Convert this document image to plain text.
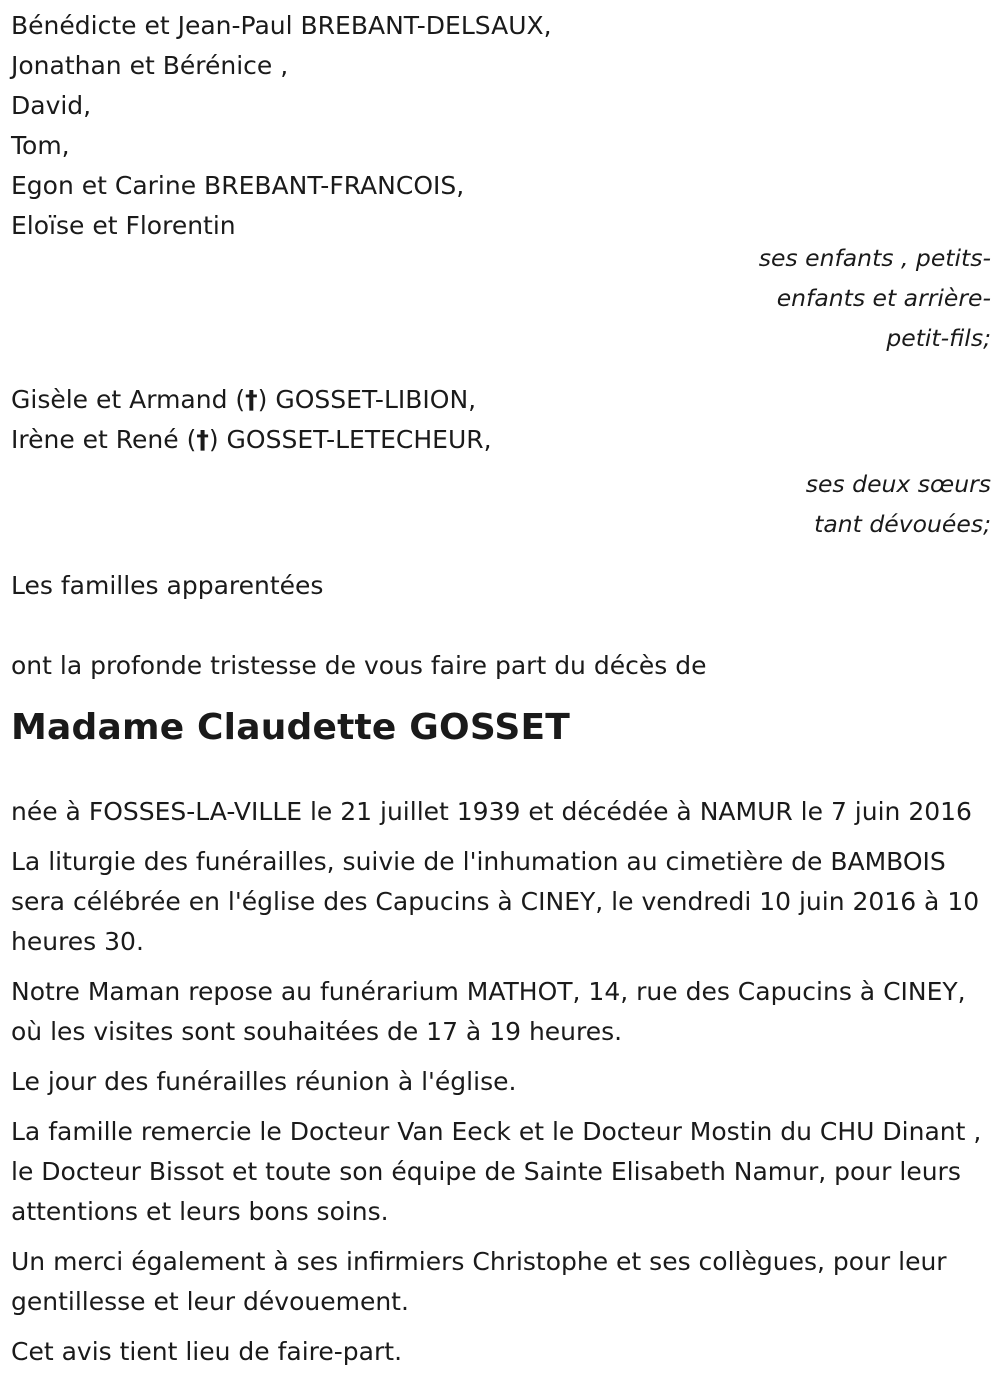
Bénédicte et Jean-Paul BREBANT-DELSAUX,
Jonathan et Bérénice ,
David,
Tom,
Egon et Carine BREBANT-FRANCOIS,
Eloïse et Florentin
ses enfants , petits-
enfants et arrière-
petit-fils;
Gisèle et Armand (†) GOSSET-LIBION,
Irène et René (†) GOSSET-LETECHEUR,
ses deux sœurs
tant dévouées;
Les familles apparentées
ont la profonde tristesse de vous faire part du décès de
Madame Claudette GOSSET
née à FOSSES-LA-VILLE le 21 juillet 1939 et décédée à NAMUR le 7 juin 2016
La liturgie des funérailles, suivie de l'inhumation au cimetière de BAMBOIS sera célébrée en l'église des Capucins à CINEY, le vendredi 10 juin 2016 à 10 heures 30.
Notre Maman repose au funérarium MATHOT, 14, rue des Capucins à CINEY, où les visites sont souhaitées de 17 à 19 heures.
Le jour des funérailles réunion à l'église.
La famille remercie le Docteur Van Eeck et le Docteur Mostin du CHU Dinant , le Docteur Bissot et toute son équipe de Sainte Elisabeth Namur, pour leurs attentions et leurs bons soins.
Un merci également à ses infirmiers Christophe et ses collègues, pour leur gentillesse et leur dévouement.
Cet avis tient lieu de faire-part.
